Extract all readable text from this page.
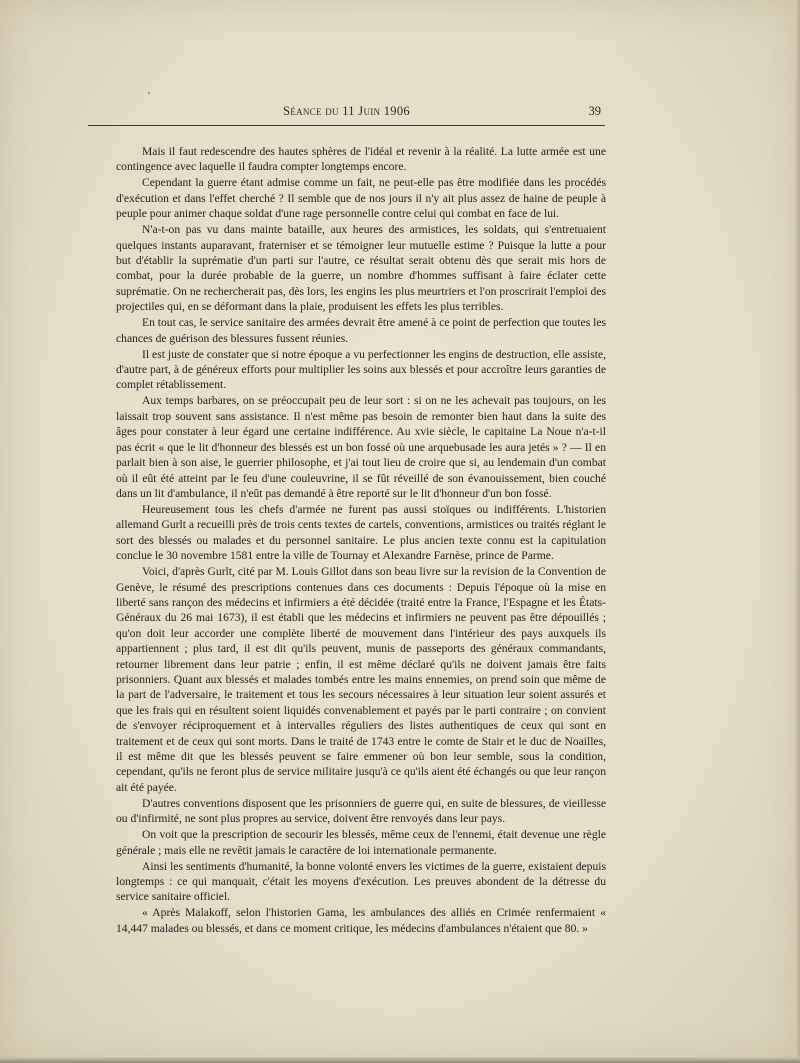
Séance du 11 Juin 1906	39

Mais il faut redescendre des hautes sphères de l'idéal et revenir à la réalité. La lutte armée est une contingence avec laquelle il faudra compter longtemps encore.

Cependant la guerre étant admise comme un fait, ne peut-elle pas être modifiée dans les procédés d'exécution et dans l'effet cherché ? Il semble que de nos jours il n'y ait plus assez de haine de peuple à peuple pour animer chaque soldat d'une rage personnelle contre celui qui combat en face de lui.

N'a-t-on pas vu dans mainte bataille, aux heures des armistices, les soldats, qui s'entretuaient quelques instants auparavant, fraterniser et se témoigner leur mutuelle estime ? Puisque la lutte a pour but d'établir la suprématie d'un parti sur l'autre, ce résultat serait obtenu dès que serait mis hors de combat, pour la durée probable de la guerre, un nombre d'hommes suffisant à faire éclater cette suprématie. On ne rechercherait pas, dès lors, les engins les plus meurtriers et l'on proscrirait l'emploi des projectiles qui, en se déformant dans la plaie, produisent les effets les plus terribles.

En tout cas, le service sanitaire des armées devrait être amené à ce point de perfection que toutes les chances de guérison des blessures fussent réunies.

Il est juste de constater que si notre époque a vu perfectionner les engins de destruction, elle assiste, d'autre part, à de généreux efforts pour multiplier les soins aux blessés et pour accroître leurs garanties de complet rétablissement.

Aux temps barbares, on se préoccupait peu de leur sort : si on ne les achevait pas toujours, on les laissait trop souvent sans assistance. Il n'est même pas besoin de remonter bien haut dans la suite des âges pour constater à leur égard une certaine indifférence. Au xvie siècle, le capitaine La Noue n'a-t-il pas écrit « que le lit d'honneur des blessés est un bon fossé où une arquebusade les aura jetés » ? — Il en parlait bien à son aise, le guerrier philosophe, et j'ai tout lieu de croire que si, au lendemain d'un combat où il eût été atteint par le feu d'une couleuvrine, il se fût réveillé de son évanouissement, bien couché dans un lit d'ambulance, il n'eût pas demandé à être reporté sur le lit d'honneur d'un bon fossé.

Heureusement tous les chefs d'armée ne furent pas aussi stoïques ou indifférents. L'historien allemand Gurlt a recueilli près de trois cents textes de cartels, conventions, armistices ou traités réglant le sort des blessés ou malades et du personnel sanitaire. Le plus ancien texte connu est la capitulation conclue le 30 novembre 1581 entre la ville de Tournay et Alexandre Farnèse, prince de Parme.

Voici, d'après Gurlt, cité par M. Louis Gillot dans son beau livre sur la revision de la Convention de Genève, le résumé des prescriptions contenues dans ces documents : Depuis l'époque où la mise en liberté sans rançon des médecins et infirmiers a été décidée (traité entre la France, l'Espagne et les États-Généraux du 26 mai 1673), il est établi que les médecins et infirmiers ne peuvent pas être dépouillés ; qu'on doit leur accorder une complète liberté de mouvement dans l'intérieur des pays auxquels ils appartiennent ; plus tard, il est dit qu'ils peuvent, munis de passeports des généraux commandants, retourner librement dans leur patrie ; enfin, il est même déclaré qu'ils ne doivent jamais être faits prisonniers. Quant aux blessés et malades tombés entre les mains ennemies, on prend soin que même de la part de l'adversaire, le traitement et tous les secours nécessaires à leur situation leur soient assurés et que les frais qui en résultent soient liquidés convenablement et payés par le parti contraire ; on convient de s'envoyer réciproquement et à intervalles réguliers des listes authentiques de ceux qui sont en traitement et de ceux qui sont morts. Dans le traité de 1743 entre le comte de Stair et le duc de Noailles, il est même dit que les blessés peuvent se faire emmener où bon leur semble, sous la condition, cependant, qu'ils ne feront plus de service militaire jusqu'à ce qu'ils aient été échangés ou que leur rançon ait été payée.

D'autres conventions disposent que les prisonniers de guerre qui, en suite de blessures, de vieillesse ou d'infirmité, ne sont plus propres au service, doivent être renvoyés dans leur pays.

On voit que la prescription de secourir les blessés, même ceux de l'ennemi, était devenue une règle générale ; mais elle ne revêtit jamais le caractère de loi internationale permanente.

Ainsi les sentiments d'humanité, la bonne volonté envers les victimes de la guerre, existaient depuis longtemps : ce qui manquait, c'était les moyens d'exécution. Les preuves abondent de la détresse du service sanitaire officiel.

« Après Malakoff, selon l'historien Gama, les ambulances des alliés en Crimée renfermaient « 14,447 malades ou blessés, et dans ce moment critique, les médecins d'ambulances n'étaient que 80. »
